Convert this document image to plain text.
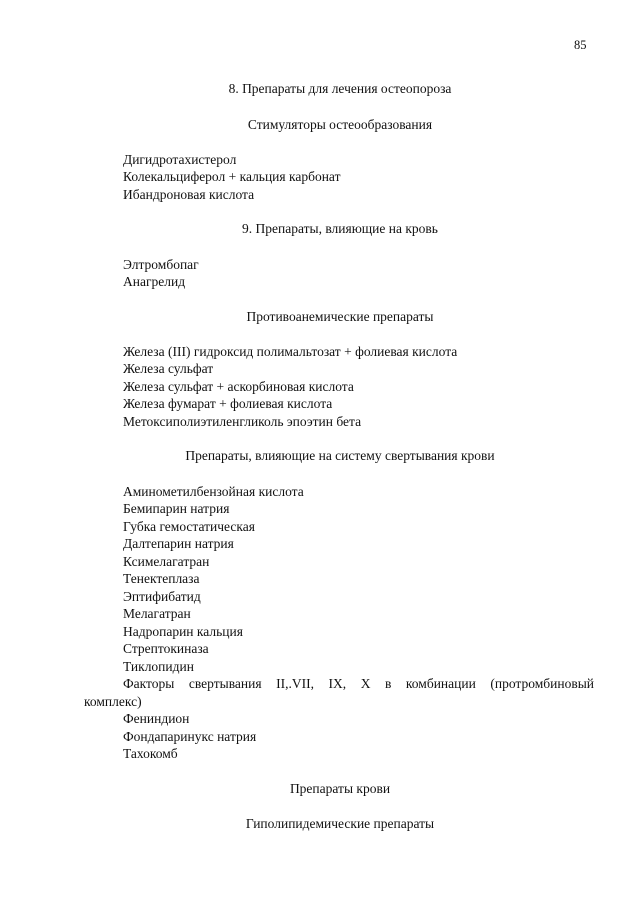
85
8. Препараты для лечения остеопороза
Стимуляторы остеообразования
Дигидротахистерол
Колекальциферол + кальция карбонат
Ибандроновая кислота
9. Препараты, влияющие на кровь
Элтромбопаг
Анагрелид
Противоанемические препараты
Железа (III) гидроксид полимальтозат + фолиевая кислота
Железа сульфат
Железа сульфат + аскорбиновая кислота
Железа фумарат + фолиевая кислота
Метоксиполиэтиленгликоль эпоэтин бета
Препараты, влияющие на систему свертывания крови
Аминометилбензойная кислота
Бемипарин натрия
Губка гемостатическая
Далтепарин натрия
Ксимелагатран
Тенектеплаза
Эптифибатид
Мелагатран
Надропарин кальция
Стрептокиназа
Тиклопидин
Факторы свертывания II,.VII, IX, X в комбинации (протромбиновый
комплекс)
Фениндион
Фондапаринукс натрия
Тахокомб
Препараты крови
Гиполипидемические препараты
